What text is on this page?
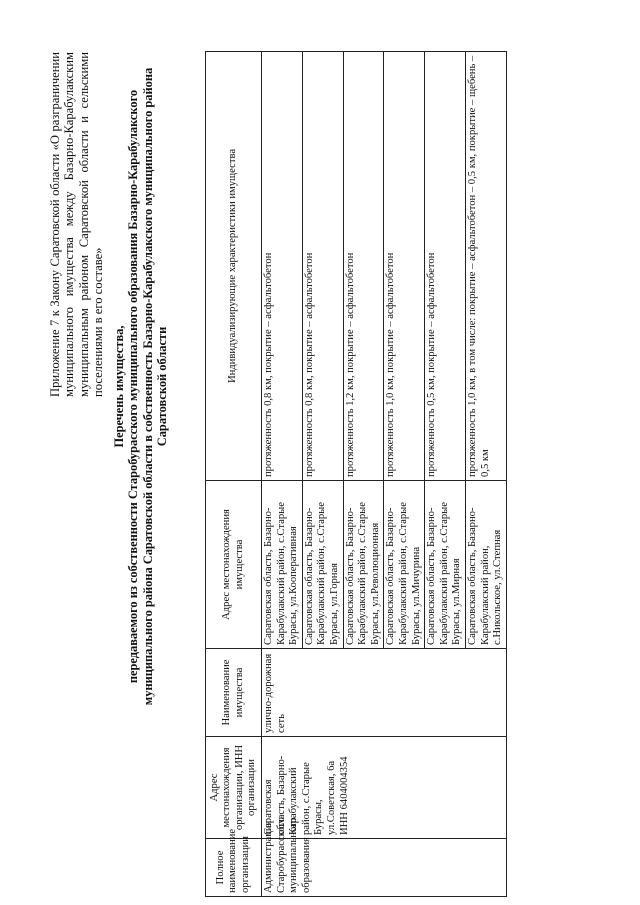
Приложение 7 к Закону Саратовской области «О разграничении муниципального имущества между Базарно-Карабулакским муниципальным районом Саратовской области и сельскими поселениями в его составе» Перечень имущества, передаваемого из собственности Старобурасского муниципального образования Базарно-Карабулакского муниципального района Саратовской области в собственность Базарно-Карабулакского муниципального района Саратовской области
Полное наименование организации	Адрес местонахождения организации, ИНН организации	Наименование имущества	Адрес местонахождения имущества	Индивидуализирующие характеристики имущества
Администрация Старобурасского муниципального образования	Саратовская область, Базарно-Карабулакский район, с.Старые Бурасы, ул.Советская, 6а ИНН 6404004354	улично-дорожная сеть	Саратовская область, Базарно-Карабулакский район, с.Старые Бурасы, ул.Кооперативная	протяженность 0,8 км, покрытие – асфальтобетон
			Саратовская область, Базарно-Карабулакский район, с.Старые Бурасы, ул.Горная	протяженность 0,8 км, покрытие – асфальтобетон
			Саратовская область, Базарно-Карабулакский район, с.Старые Бурасы, ул.Революционная	протяженность 1,2 км, покрытие – асфальтобетон
			Саратовская область, Базарно-Карабулакский район, с.Старые Бурасы, ул.Мичурина	протяженность 1,0 км, покрытие – асфальтобетон
			Саратовская область, Базарно-Карабулакский район, с.Старые Бурасы, ул.Мирная	протяженность 0,5 км, покрытие – асфальтобетон
			Саратовская область, Базарно-Карабулакский район, с.Никольское, ул.Степная	протяженность 1,0 км, в том числе: покрытие – асфальтобетон – 0,5 км, покрытие – щебень – 0,5 км
